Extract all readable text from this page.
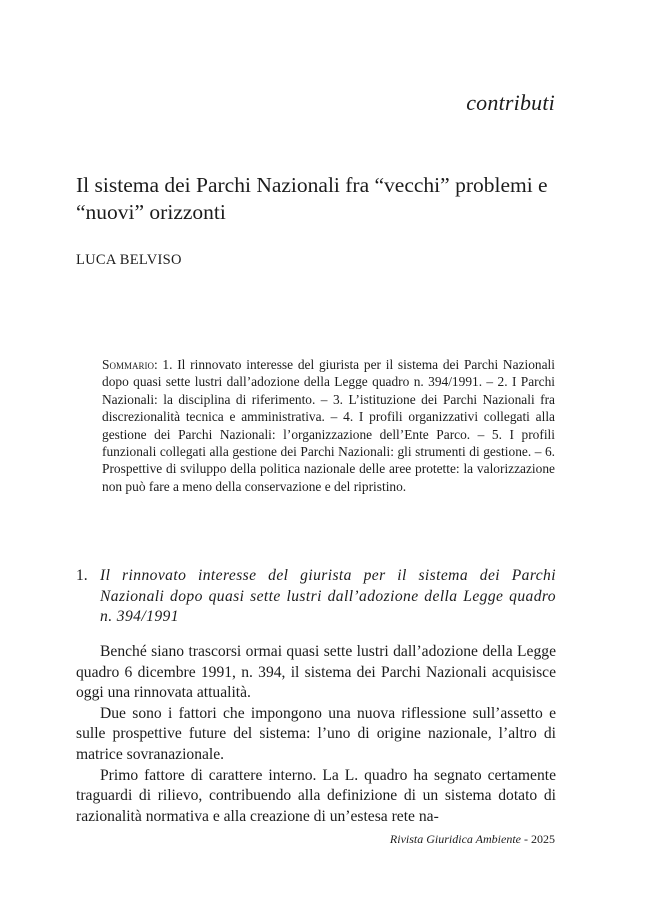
contributi
Il sistema dei Parchi Nazionali fra “vecchi” problemi e “nuovi” orizzonti
LUCA BELVISO

Sommario: 1. Il rinnovato interesse del giurista per il sistema dei Parchi Nazionali dopo quasi sette lustri dall’adozione della Legge quadro n. 394/1991. – 2. I Parchi Nazionali: la disciplina di riferimento. – 3. L’istituzione dei Parchi Nazionali fra discrezionalità tecnica e amministrativa. – 4. I profili organizzativi collegati alla gestione dei Parchi Nazionali: l’organizzazione dell’Ente Parco. – 5. I profili funzionali collegati alla gestione dei Parchi Nazionali: gli strumenti di gestione. – 6. Prospettive di sviluppo della politica nazionale delle aree protette: la valorizzazione non può fare a meno della conservazione e del ripristino.

1. Il rinnovato interesse del giurista per il sistema dei Parchi Nazionali dopo quasi sette lustri dall’adozione della Legge quadro n. 394/1991

Benché siano trascorsi ormai quasi sette lustri dall’adozione della Legge quadro 6 dicembre 1991, n. 394, il sistema dei Parchi Nazionali acquisisce oggi una rinnovata attualità.

Due sono i fattori che impongono una nuova riflessione sull’assetto e sulle prospettive future del sistema: l’uno di origine nazionale, l’altro di matrice sovranazionale.

Primo fattore di carattere interno. La L. quadro ha segnato certamente traguardi di rilievo, contribuendo alla definizione di un sistema dotato di razionalità normativa e alla creazione di un’estesa rete na-

Rivista Giuridica Ambiente - 2025
